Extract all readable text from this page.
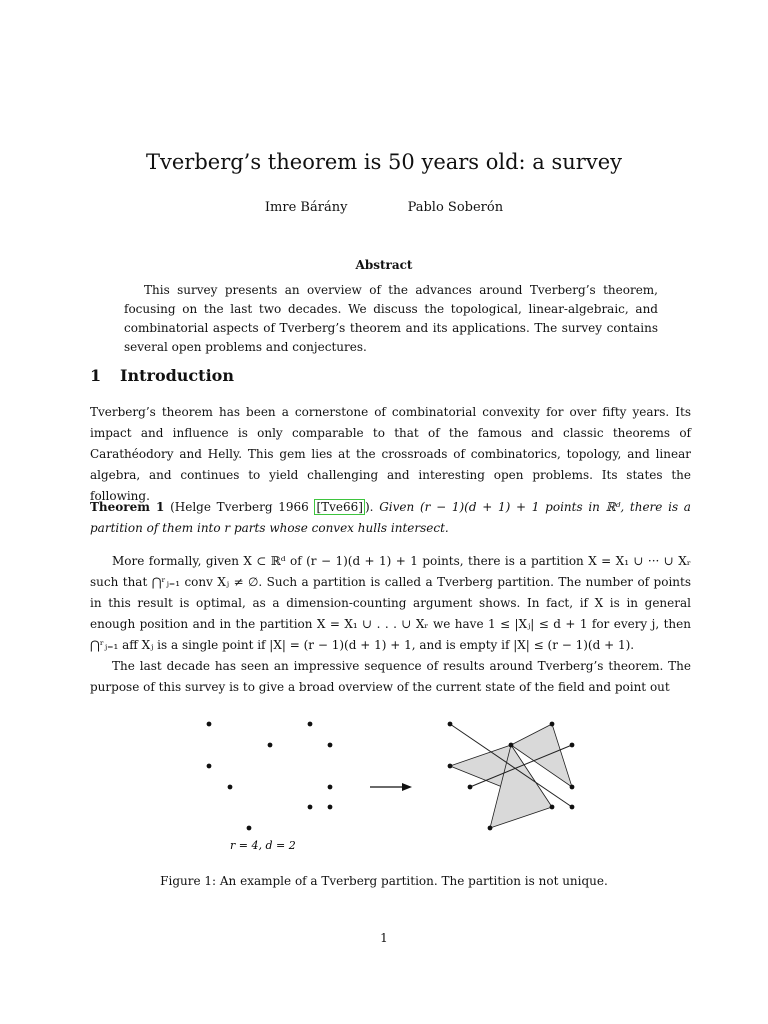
Tverberg’s theorem is 50 years old: a survey
Imre Bárány	Pablo Soberón
Abstract
This survey presents an overview of the advances around Tverberg’s theorem, focusing on the last two decades. We discuss the topological, linear-algebraic, and combinatorial aspects of Tverberg’s theorem and its applications. The survey contains several open problems and conjectures.
1 Introduction
Tverberg’s theorem has been a cornerstone of combinatorial convexity for over fifty years. Its impact and influence is only comparable to that of the famous and classic theorems of Carathéodory and Helly. This gem lies at the crossroads of combinatorics, topology, and linear algebra, and continues to yield challenging and interesting open problems. Its states the following.
Theorem 1 (Helge Tverberg 1966 [Tve66] ). Given (r − 1)(d + 1) + 1 points in ℝᵈ, there is a partition of them into r parts whose convex hulls intersect.
More formally, given X ⊂ ℝᵈ of (r − 1)(d + 1) + 1 points, there is a partition X = X₁ ∪ ··· ∪ Xᵣ such that ⋂ʳⱼ₌₁ conv Xⱼ ≠ ∅. Such a partition is called a Tverberg partition. The number of points in this result is optimal, as a dimension-counting argument shows. In fact, if X is in general enough position and in the partition X = X₁ ∪ . . . ∪ Xᵣ we have 1 ≤ |Xⱼ| ≤ d + 1 for every j, then ⋂ʳⱼ₌₁ aff Xⱼ is a single point if |X| = (r − 1)(d + 1) + 1, and is empty if |X| ≤ (r − 1)(d + 1).
The last decade has seen an impressive sequence of results around Tverberg’s theorem. The purpose of this survey is to give a broad overview of the current state of the field and point out
r = 4, d = 2
Figure 1: An example of a Tverberg partition. The partition is not unique.
1
